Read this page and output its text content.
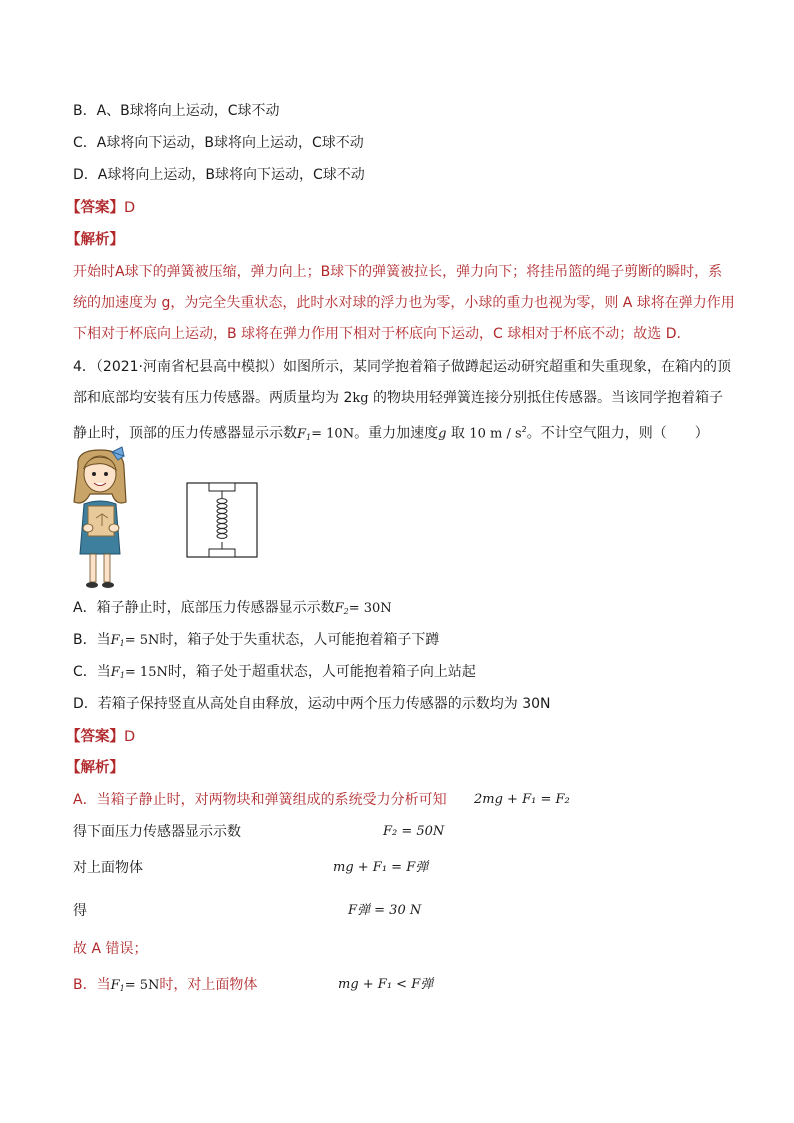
B．A、B球将向上运动，C球不动
C．A球将向下运动，B球将向上运动，C球不动
D．A球将向上运动，B球将向下运动，C球不动
【答案】D
【解析】
开始时A球下的弹簧被压缩，弹力向上；B球下的弹簧被拉长，弹力向下；将挂吊篮的绳子剪断的瞬时，系
统的加速度为 g，为完全失重状态，此时水对球的浮力也为零，小球的重力也视为零，则 A 球将在弹力作用
下相对于杯底向上运动，B 球将在弹力作用下相对于杯底向下运动，C 球相对于杯底不动；故选 D.
4．（2021·河南省杞县高中模拟）如图所示，某同学抱着箱子做蹲起运动研究超重和失重现象，在箱内的顶
部和底部均安装有压力传感器。两质量均为 2kg 的物块用轻弹簧连接分别抵住传感器。当该同学抱着箱子
静止时，顶部的压力传感器显示示数$F_1= 10N$。重力加速度g 取 10 m / $s^2$。不计空气阻力，则（　　）
A．箱子静止时，底部压力传感器显示示数$F_2= 30N$
B．当$F_1= 5N$时，箱子处于失重状态，人可能抱着箱子下蹲
C．当$F_1= 15N$时，箱子处于超重状态，人可能抱着箱子向上站起
D．若箱子保持竖直从高处自由释放，运动中两个压力传感器的示数均为 30N
【答案】D
【解析】
A．当箱子静止时，对两物块和弹簧组成的系统受力分析可知 2mg + F₁ = F₂
得下面压力传感器显示示数	F₂ = 50N
对上面物体	mg + F₁ = F弹
得	F弹 = 30 N
故 A 错误；
B．当$F_1= 5N$时，对上面物体	mg + F₁ < F弹
